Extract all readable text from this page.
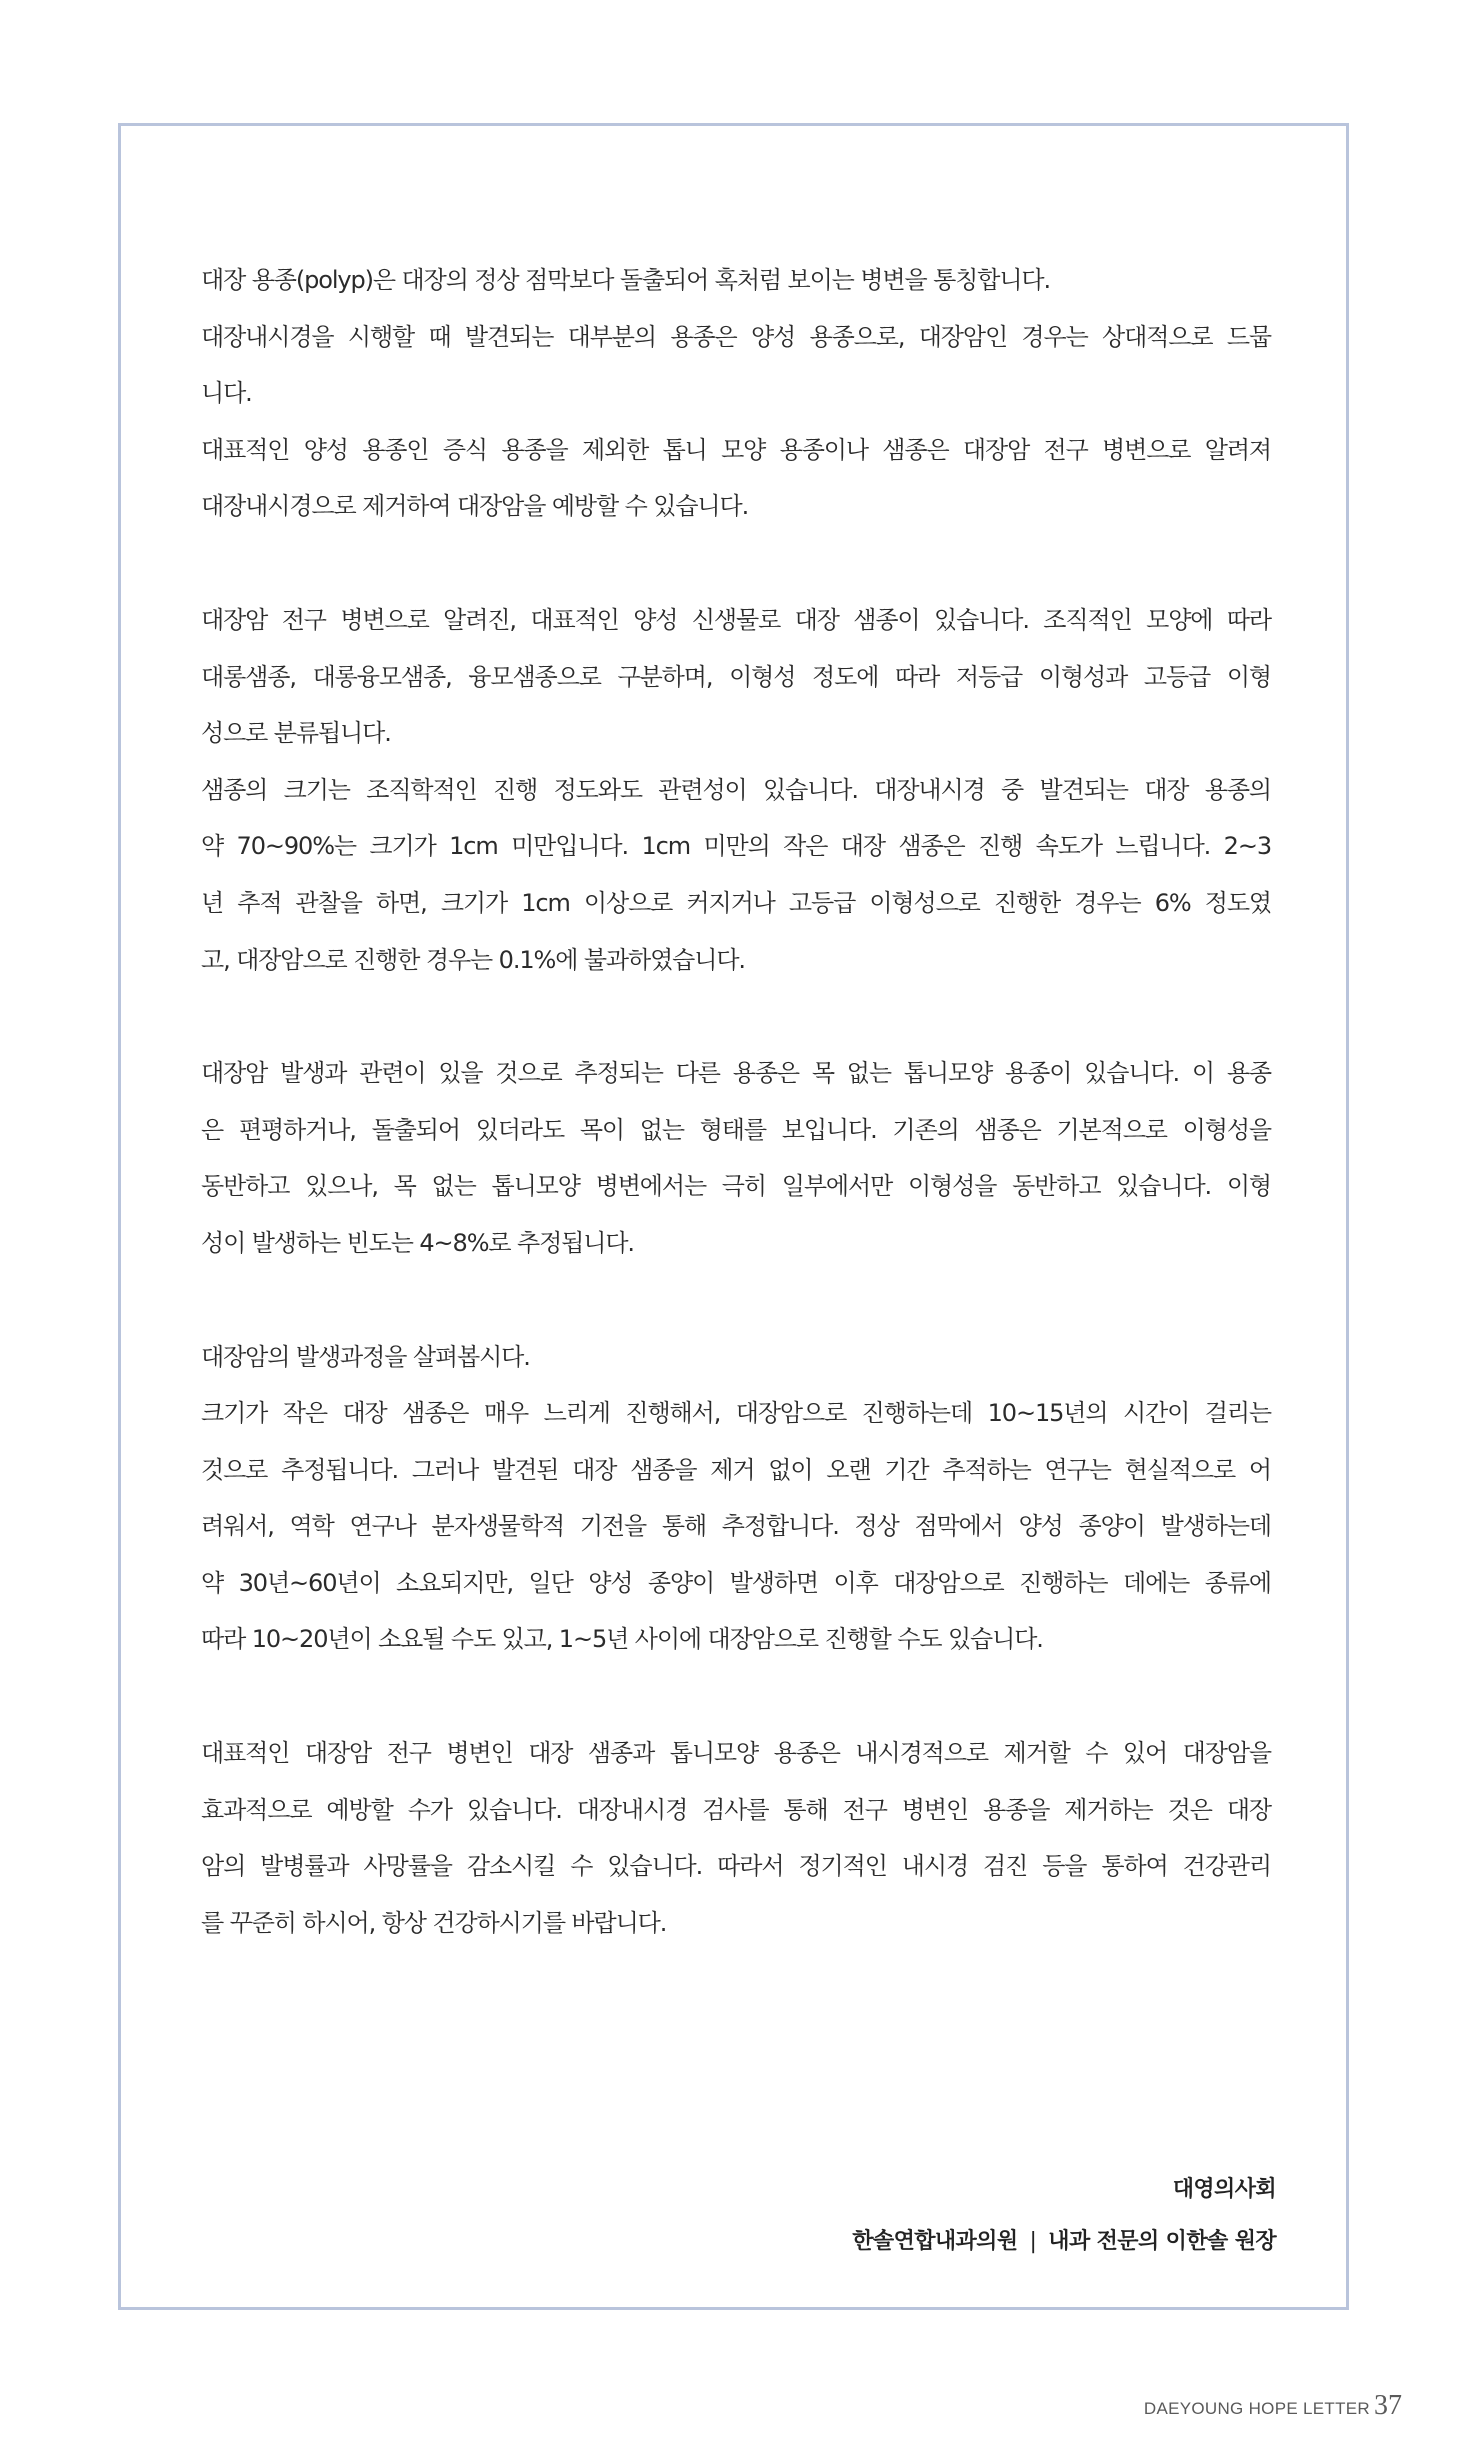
대장 용종(polyp)은 대장의 정상 점막보다 돌출되어 혹처럼 보이는 병변을 통칭합니다.
대장내시경을 시행할 때 발견되는 대부분의 용종은 양성 용종으로, 대장암인 경우는 상대적으로 드뭅
니다.
대표적인 양성 용종인 증식 용종을 제외한 톱니 모양 용종이나 샘종은 대장암 전구 병변으로 알려져
대장내시경으로 제거하여 대장암을 예방할 수 있습니다.
대장암 전구 병변으로 알려진, 대표적인 양성 신생물로 대장 샘종이 있습니다. 조직적인 모양에 따라
대롱샘종, 대롱융모샘종, 융모샘종으로 구분하며, 이형성 정도에 따라 저등급 이형성과 고등급 이형
성으로 분류됩니다.
샘종의 크기는 조직학적인 진행 정도와도 관련성이 있습니다. 대장내시경 중 발견되는 대장 용종의
약 70~90%는 크기가 1cm 미만입니다. 1cm 미만의 작은 대장 샘종은 진행 속도가 느립니다. 2~3
년 추적 관찰을 하면, 크기가 1cm 이상으로 커지거나 고등급 이형성으로 진행한 경우는 6% 정도였
고, 대장암으로 진행한 경우는 0.1%에 불과하였습니다.
대장암 발생과 관련이 있을 것으로 추정되는 다른 용종은 목 없는 톱니모양 용종이 있습니다. 이 용종
은 편평하거나, 돌출되어 있더라도 목이 없는 형태를 보입니다. 기존의 샘종은 기본적으로 이형성을
동반하고 있으나, 목 없는 톱니모양 병변에서는 극히 일부에서만 이형성을 동반하고 있습니다. 이형
성이 발생하는 빈도는 4~8%로 추정됩니다.
대장암의 발생과정을 살펴봅시다.
크기가 작은 대장 샘종은 매우 느리게 진행해서, 대장암으로 진행하는데 10~15년의 시간이 걸리는
것으로 추정됩니다. 그러나 발견된 대장 샘종을 제거 없이 오랜 기간 추적하는 연구는 현실적으로 어
려워서, 역학 연구나 분자생물학적 기전을 통해 추정합니다. 정상 점막에서 양성 종양이 발생하는데
약 30년~60년이 소요되지만, 일단 양성 종양이 발생하면 이후 대장암으로 진행하는 데에는 종류에
따라 10~20년이 소요될 수도 있고, 1~5년 사이에 대장암으로 진행할 수도 있습니다.
대표적인 대장암 전구 병변인 대장 샘종과 톱니모양 용종은 내시경적으로 제거할 수 있어 대장암을
효과적으로 예방할 수가 있습니다. 대장내시경 검사를 통해 전구 병변인 용종을 제거하는 것은 대장
암의 발병률과 사망률을 감소시킬 수 있습니다. 따라서 정기적인 내시경 검진 등을 통하여 건강관리
를 꾸준히 하시어, 항상 건강하시기를 바랍니다.
대영의사회
한솔연합내과의원 | 내과 전문의 이한솔 원장
DAEYOUNG HOPE LETTER 37
